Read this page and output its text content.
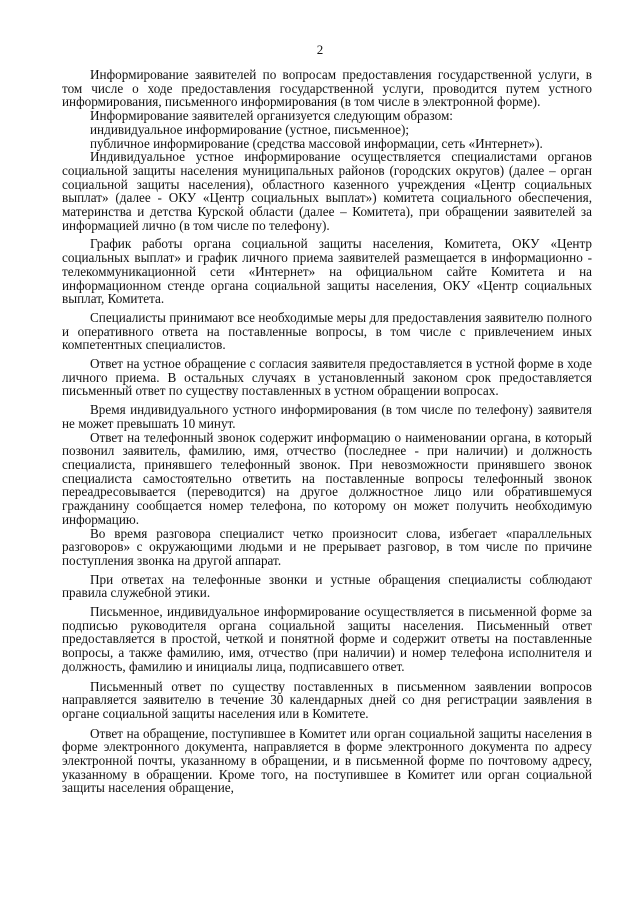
2

Информирование заявителей по вопросам предоставления государственной услуги, в том числе о ходе предоставления государственной услуги, проводится путем устного информирования, письменного информирования (в том числе в электронной форме).

Информирование заявителей организуется следующим образом:

индивидуальное информирование (устное, письменное);

публичное информирование (средства массовой информации, сеть «Интернет»).

Индивидуальное устное информирование осуществляется специалистами органов социальной защиты населения муниципальных районов (городских округов) (далее – орган социальной защиты населения), областного казенного учреждения «Центр социальных выплат» (далее - ОКУ «Центр социальных выплат») комитета социального обеспечения, материнства и детства Курской области (далее – Комитета), при обращении заявителей за информацией лично (в том числе по телефону).

График работы органа социальной защиты населения, Комитета, ОКУ «Центр социальных выплат» и график личного приема заявителей размещается в информационно - телекоммуникационной сети «Интернет» на официальном сайте Комитета и на информационном стенде органа социальной защиты населения, ОКУ «Центр социальных выплат, Комитета.

Специалисты принимают все необходимые меры для предоставления заявителю полного и оперативного ответа на поставленные вопросы, в том числе с привлечением иных компетентных специалистов.

Ответ на устное обращение с согласия заявителя предоставляется в устной форме в ходе личного приема. В остальных случаях в установленный законом срок предоставляется письменный ответ по существу поставленных в устном обращении вопросах.

Время индивидуального устного информирования (в том числе по телефону) заявителя не может превышать 10 минут.

Ответ на телефонный звонок содержит информацию о наименовании органа, в который позвонил заявитель, фамилию, имя, отчество (последнее - при наличии) и должность специалиста, принявшего телефонный звонок. При невозможности принявшего звонок специалиста самостоятельно ответить на поставленные вопросы телефонный звонок переадресовывается (переводится) на другое должностное лицо или обратившемуся гражданину сообщается номер телефона, по которому он может получить необходимую информацию.

Во время разговора специалист четко произносит слова, избегает «параллельных разговоров» с окружающими людьми и не прерывает разговор, в том числе по причине поступления звонка на другой аппарат.

При ответах на телефонные звонки и устные обращения специалисты соблюдают правила служебной этики.

Письменное, индивидуальное информирование осуществляется в письменной форме за подписью руководителя органа социальной защиты населения. Письменный ответ предоставляется в простой, четкой и понятной форме и содержит ответы на поставленные вопросы, а также фамилию, имя, отчество (при наличии) и номер телефона исполнителя и должность, фамилию и инициалы лица, подписавшего ответ.

Письменный ответ по существу поставленных в письменном заявлении вопросов направляется заявителю в течение 30 календарных дней со дня регистрации заявления в органе социальной защиты населения или в Комитете.

Ответ на обращение, поступившее в Комитет или орган социальной защиты населения в форме электронного документа, направляется в форме электронного документа по адресу электронной почты, указанному в обращении, и в письменной форме по почтовому адресу, указанному в обращении. Кроме того, на поступившее в Комитет или орган социальной защиты населения обращение,
